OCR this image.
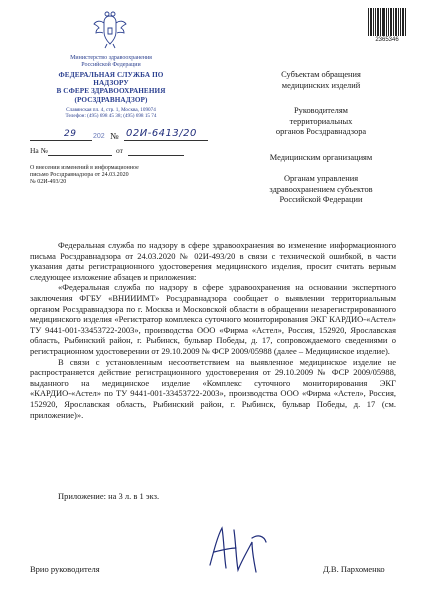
Министерство здравоохранения
Российской Федерации
ФЕДЕРАЛЬНАЯ СЛУЖБА ПО НАДЗОРУ
В СФЕРЕ ЗДРАВООХРАНЕНИЯ
(РОСЗДРАВНАДЗОР)
Славянская пл. 4, стр. 1, Москва, 109074
Телефон: (495) 698 45 38; (495) 698 15 74
29 202 № 02И-6413/20
На №	от
О внесении изменений в информационное
письмо Росздравнадзора от 24.03.2020
№ 02И-493/20
2365346
Субъектам обращения
медицинских изделий
Руководителям
территориальных
органов Росздравнадзора
Медицинским организациям
Органам управления
здравоохранением субъектов
Российской Федерации

Федеральная служба по надзору в сфере здравоохранения во изменение информационного письма Росздравнадзора от 24.03.2020 № 02И-493/20 в связи с технической ошибкой, в части указания даты регистрационного удостоверения медицинского изделия, просит считать верным следующее изложение абзацев и приложения:

«Федеральная служба по надзору в сфере здравоохранения на основании экспертного заключения ФГБУ «ВНИИИМТ» Росздравнадзора сообщает о выявлении территориальным органом Росздравнадзора по г. Москва и Московской области в обращении незарегистрированного медицинского изделия «Регистратор комплекса суточного мониторирования ЭКГ КАРДИО-«Астел» ТУ 9441-001-33453722-2003», производства ООО «Фирма «Астел», Россия, 152920, Ярославская область, Рыбинский район, г. Рыбинск, бульвар Победы, д. 17, сопровождаемого сведениями о регистрационном удостоверении от 29.10.2009 № ФСР 2009/05988 (далее – Медицинское изделие).

В связи с установленным несоответствием на выявленное медицинское изделие не распространяется действие регистрационного удостоверения от 29.10.2009 № ФСР 2009/05988, выданного на медицинское изделие «Комплекс суточного мониторирования ЭКГ «КАРДИО-«Астел» по ТУ 9441-001-33453722-2003», производства ООО «Фирма «Астел», Россия, 152920, Ярославская область, Рыбинский район, г. Рыбинск, бульвар Победы, д. 17 (см. приложение)».

Приложение: на 3 л. в 1 экз.
Врио руководителя	Д.В. Пархоменко
